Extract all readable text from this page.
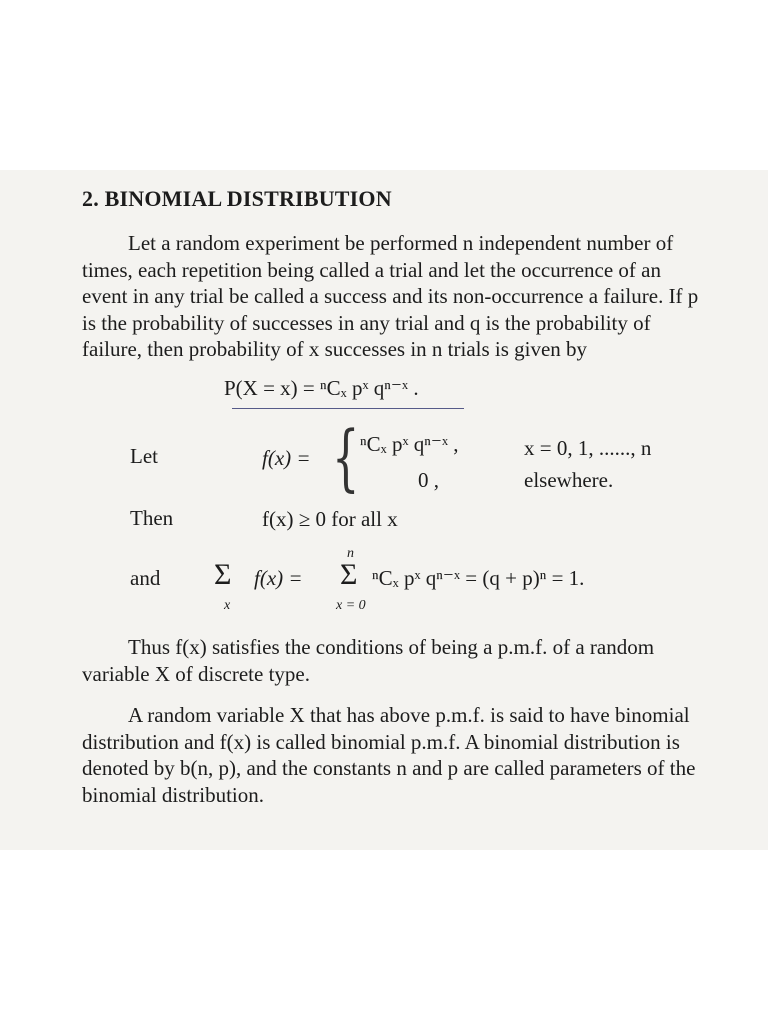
2. BINOMIAL DISTRIBUTION

Let a random experiment be performed n independent number of

times, each repetition being called a trial and let the occurrence of an

event in any trial be called a success and its non-occurrence a failure. If p

is the probability of successes in any trial and q is the probability of

failure, then probability of x successes in n trials is given by

P(X = x) = ⁿCₓ pˣ qⁿ⁻ˣ .
Let	f(x) = { ⁿCₓ pˣ qⁿ⁻ˣ ,	x = 0, 1, ......, n
0 ,	elsewhere.
Then	f(x) ≥ 0 for all x
and Σ
x
f(x) =
n
Σ
x = 0
ⁿCₓ pˣ qⁿ⁻ˣ = (q + p)ⁿ = 1.

Thus f(x) satisfies the conditions of being a p.m.f. of a random

variable X of discrete type.

A random variable X that has above p.m.f. is said to have binomial

distribution and f(x) is called binomial p.m.f. A binomial distribution is

denoted by b(n, p), and the constants n and p are called parameters of the

binomial distribution.
